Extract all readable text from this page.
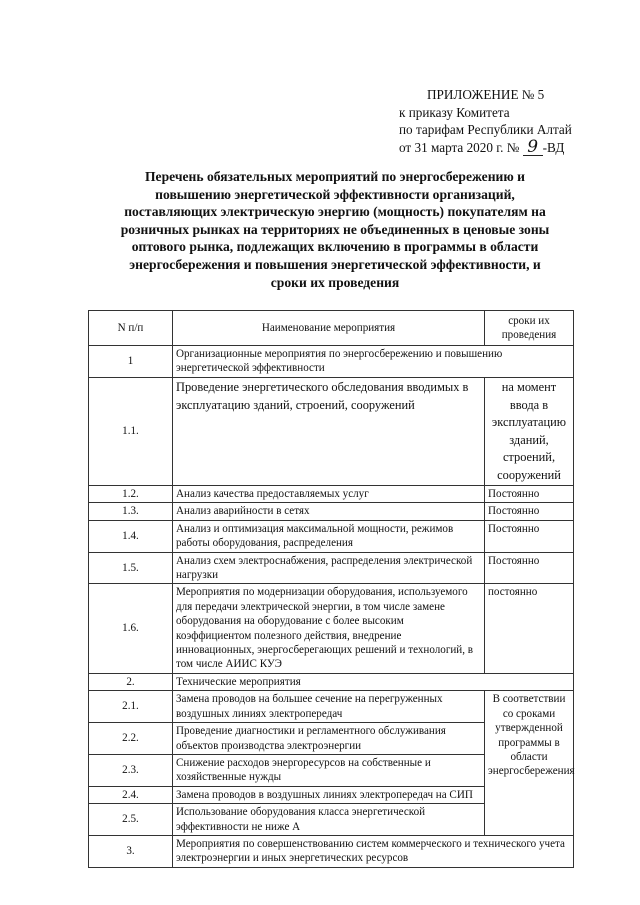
ПРИЛОЖЕНИЕ № 5
к приказу Комитета
по тарифам Республики Алтай
от 31 марта 2020 г. № 9 -ВД
Перечень обязательных мероприятий по энергосбережению и
повышению энергетической эффективности организаций,
поставляющих электрическую энергию (мощность) покупателям на
розничных рынках на территориях не объединенных в ценовые зоны
оптового рынка, подлежащих включению в программы в области
энергосбережения и повышения энергетической эффективности, и
сроки их проведения
N п/п	Наименование мероприятия	сроки их проведения
1	Организационные мероприятия по энергосбережению и повышению энергетической эффективности	
1.1.	Проведение энергетического обследования вводимых в эксплуатацию зданий, строений, сооружений	на момент ввода в эксплуатацию зданий, строений, сооружений
1.2.	Анализ качества предоставляемых услуг	Постоянно
1.3.	Анализ аварийности в сетях	Постоянно
1.4.	Анализ и оптимизация максимальной мощности, режимов работы оборудования, распределения	Постоянно
1.5.	Анализ схем электроснабжения, распределения электрической нагрузки	Постоянно
1.6.	Мероприятия по модернизации оборудования, используемого для передачи электрической энергии, в том числе замене оборудования на оборудование с более высоким коэффициентом полезного действия, внедрение инновационных, энергосберегающих решений и технологий, в том числе АИИС КУЭ	постоянно
2.	Технические мероприятия	
2.1.	Замена проводов на большее сечение на перегруженных воздушных линиях электропередач	В соответствии со сроками утвержденной программы в области энергосбережения
2.2.	Проведение диагностики и регламентного обслуживания объектов производства электроэнергии	
2.3.	Снижение расходов энергоресурсов на собственные и хозяйственные нужды	
2.4.	Замена проводов в воздушных линиях электропередач на СИП	
2.5.	Использование оборудования класса энергетической эффективности не ниже А	
3.	Мероприятия по совершенствованию систем коммерческого и технического учета электроэнергии и иных энергетических ресурсов	
